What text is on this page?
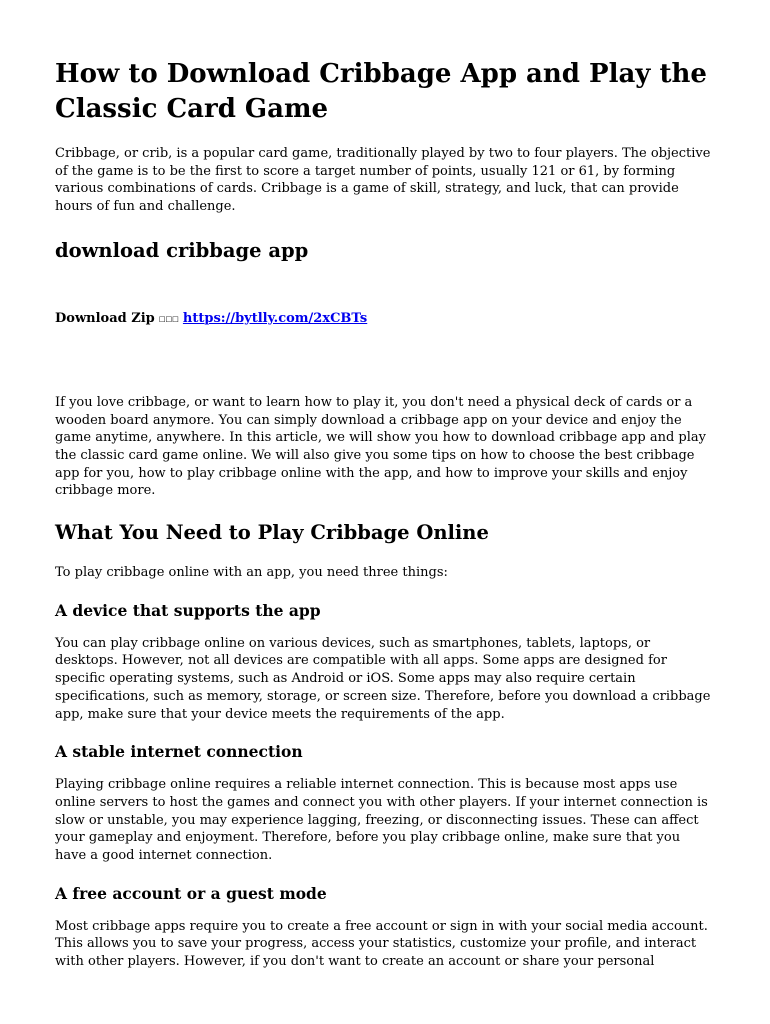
How to Download Cribbage App and Play the Classic Card Game

Cribbage, or crib, is a popular card game, traditionally played by two to four players. The objective of the game is to be the first to score a target number of points, usually 121 or 61, by forming various combinations of cards. Cribbage is a game of skill, strategy, and luck, that can provide hours of fun and challenge.

download cribbage app
Download Zip ☐☐☐ https://bytlly.com/2xCBTs

If you love cribbage, or want to learn how to play it, you don't need a physical deck of cards or a wooden board anymore. You can simply download a cribbage app on your device and enjoy the game anytime, anywhere. In this article, we will show you how to download cribbage app and play the classic card game online. We will also give you some tips on how to choose the best cribbage app for you, how to play cribbage online with the app, and how to improve your skills and enjoy cribbage more.

What You Need to Play Cribbage Online

To play cribbage online with an app, you need three things:

A device that supports the app

You can play cribbage online on various devices, such as smartphones, tablets, laptops, or desktops. However, not all devices are compatible with all apps. Some apps are designed for specific operating systems, such as Android or iOS. Some apps may also require certain specifications, such as memory, storage, or screen size. Therefore, before you download a cribbage app, make sure that your device meets the requirements of the app.

A stable internet connection

Playing cribbage online requires a reliable internet connection. This is because most apps use online servers to host the games and connect you with other players. If your internet connection is slow or unstable, you may experience lagging, freezing, or disconnecting issues. These can affect your gameplay and enjoyment. Therefore, before you play cribbage online, make sure that you have a good internet connection.

A free account or a guest mode

Most cribbage apps require you to create a free account or sign in with your social media account. This allows you to save your progress, access your statistics, customize your profile, and interact with other players. However, if you don't want to create an account or share your personal
